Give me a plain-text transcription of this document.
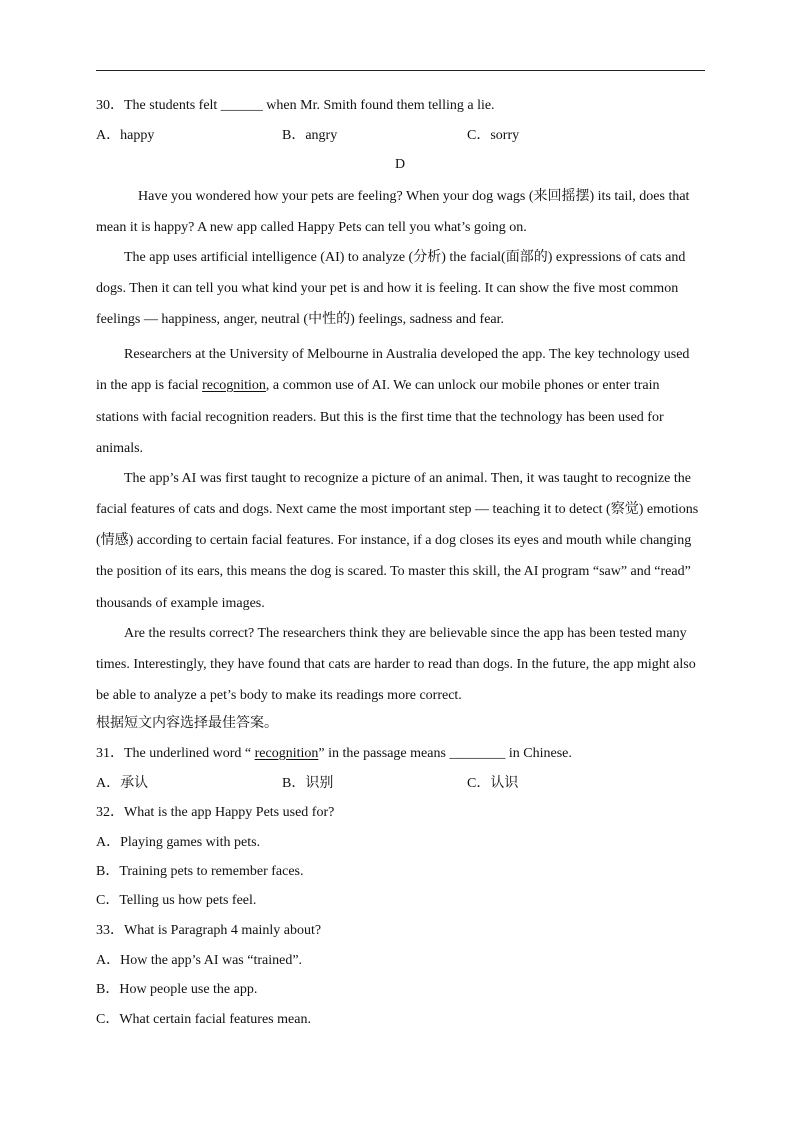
30．The students felt ______ when Mr. Smith found them telling a lie.
A．happy	B．angry	C．sorry
D
Have you wondered how your pets are feeling? When your dog wags (来回摇摆) its tail, does that
mean it is happy? A new app called Happy Pets can tell you what’s going on.
The app uses artificial intelligence (AI) to analyze (分析) the facial(面部的) expressions of cats and
dogs. Then it can tell you what kind your pet is and how it is feeling. It can show the five most common
feelings — happiness, anger, neutral (中性的) feelings, sadness and fear.
Researchers at the University of Melbourne in Australia developed the app. The key technology used
in the app is facial recognition, a common use of AI. We can unlock our mobile phones or enter train
stations with facial recognition readers. But this is the first time that the technology has been used for
animals.
The app’s AI was first taught to recognize a picture of an animal. Then, it was taught to recognize the
facial features of cats and dogs. Next came the most important step — teaching it to detect (察觉) emotions
(情感) according to certain facial features. For instance, if a dog closes its eyes and mouth while changing
the position of its ears, this means the dog is scared. To master this skill, the AI program “saw” and “read”
thousands of example images.
Are the results correct? The researchers think they are believable since the app has been tested many
times. Interestingly, they have found that cats are harder to read than dogs. In the future, the app might also
be able to analyze a pet’s body to make its readings more correct.
根据短文内容选择最佳答案。
31．The underlined word “ recognition” in the passage means ________ in Chinese.
A．承认	B．识别	C．认识
32．What is the app Happy Pets used for?
A．Playing games with pets.
B．Training pets to remember faces.
C．Telling us how pets feel.
33．What is Paragraph 4 mainly about?
A．How the app’s AI was “trained”.
B．How people use the app.
C．What certain facial features mean.
